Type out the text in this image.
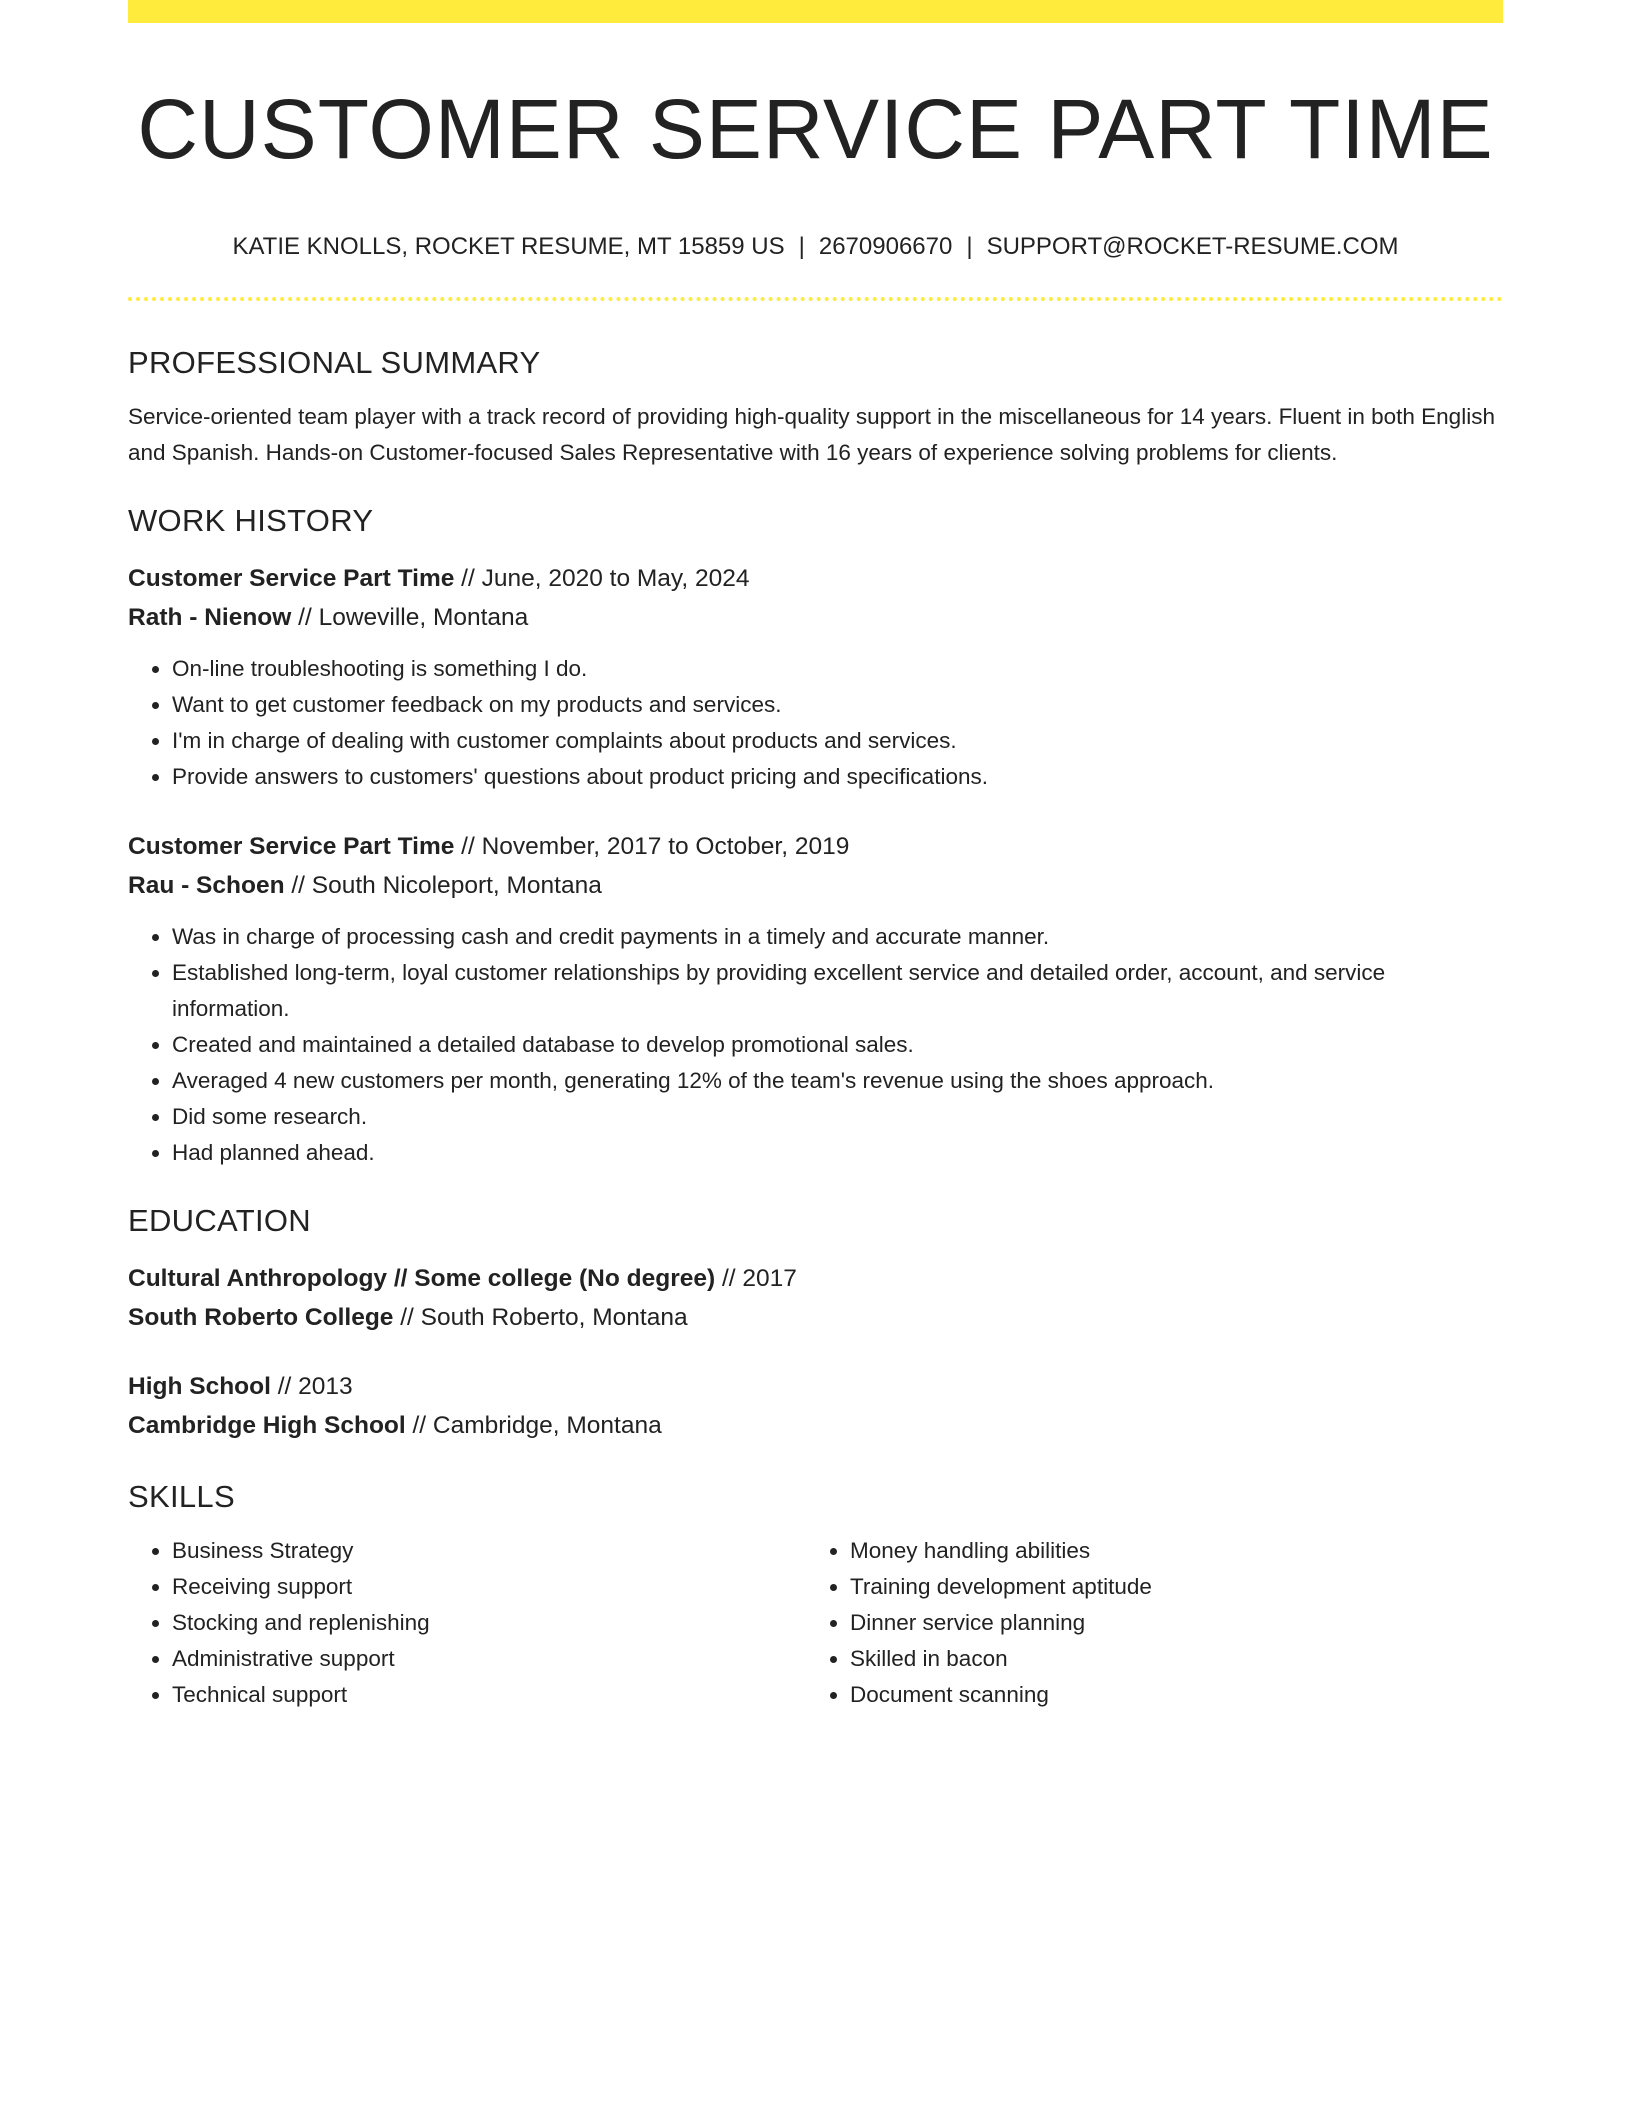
CUSTOMER SERVICE PART TIME
KATIE KNOLLS, ROCKET RESUME, MT 15859 US | 2670906670 | SUPPORT@ROCKET-RESUME.COM
PROFESSIONAL SUMMARY
Service-oriented team player with a track record of providing high-quality support in the miscellaneous for 14 years. Fluent in both English and Spanish. Hands-on Customer-focused Sales Representative with 16 years of experience solving problems for clients.
WORK HISTORY
Customer Service Part Time // June, 2020 to May, 2024
Rath - Nienow // Loweville, Montana
• On-line troubleshooting is something I do.
• Want to get customer feedback on my products and services.
• I'm in charge of dealing with customer complaints about products and services.
• Provide answers to customers' questions about product pricing and specifications.
Customer Service Part Time // November, 2017 to October, 2019
Rau - Schoen // South Nicoleport, Montana
• Was in charge of processing cash and credit payments in a timely and accurate manner.
• Established long-term, loyal customer relationships by providing excellent service and detailed order, account, and service information.
• Created and maintained a detailed database to develop promotional sales.
• Averaged 4 new customers per month, generating 12% of the team's revenue using the shoes approach.
• Did some research.
• Had planned ahead.
EDUCATION
Cultural Anthropology // Some college (No degree) // 2017
South Roberto College // South Roberto, Montana
High School // 2013
Cambridge High School // Cambridge, Montana
SKILLS
• Business Strategy
• Receiving support
• Stocking and replenishing
• Administrative support
• Technical support
• Money handling abilities
• Training development aptitude
• Dinner service planning
• Skilled in bacon
• Document scanning
